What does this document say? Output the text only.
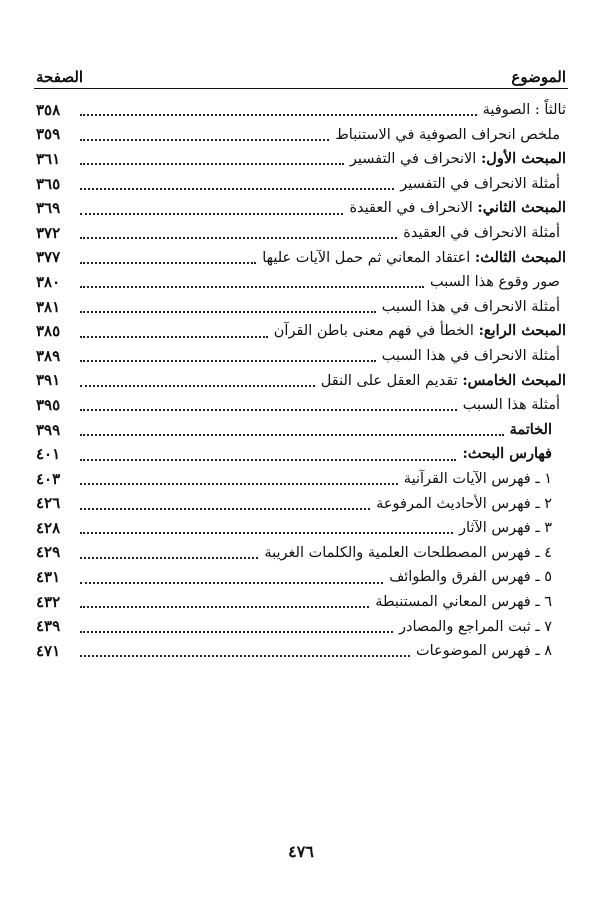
الموضوع
الصفحة
ثالثاً : الصوفية
٣٥٨
ملخص انحراف الصوفية في الاستنباط
٣٥٩
المبحث الأول: الانحراف في التفسير
٣٦١
أمثلة الانحراف في التفسير
٣٦٥
المبحث الثاني: الانحراف في العقيدة
٣٦٩
أمثلة الانحراف في العقيدة
٣٧٢
المبحث الثالث: اعتقاد المعاني ثم حمل الآيات عليها
٣٧٧
صور وقوع هذا السبب
٣٨٠
أمثلة الانحراف في هذا السبب
٣٨١
المبحث الرابع: الخطأ في فهم معنى باطن القرآن
٣٨٥
أمثلة الانحراف في هذا السبب
٣٨٩
المبحث الخامس: تقديم العقل على النقل
٣٩١
أمثلة هذا السبب
٣٩٥
الخاتمة
٣٩٩
فهارس البحث:
٤٠١
١ ـ فهرس الآيات القرآنية
٤٠٣
٢ ـ فهرس الأحاديث المرفوعة
٤٢٦
٣ ـ فهرس الآثار
٤٢٨
٤ ـ فهرس المصطلحات العلمية والكلمات الغريبة
٤٢٩
٥ ـ فهرس الفرق والطوائف
٤٣١
٦ ـ فهرس المعاني المستنبطة
٤٣٢
٧ ـ ثبت المراجع والمصادر
٤٣٩
٨ ـ فهرس الموضوعات
٤٧١
٤٧٦
